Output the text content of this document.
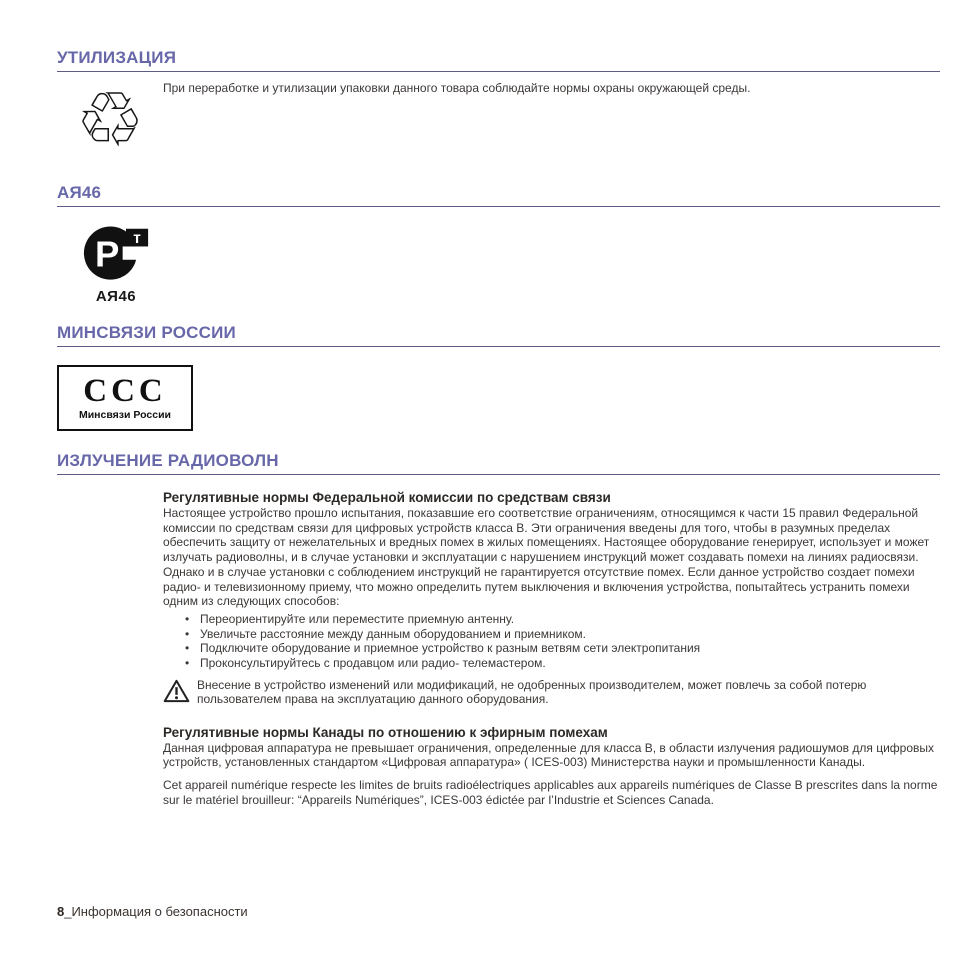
УТИЛИЗАЦИЯ
♲ При переработке и утилизации упаковки данного товара соблюдайте нормы охраны окружающей среды.

АЯ46
Р т
АЯ46
МИНСВЯЗИ РОССИИ
CCC
Минсвязи России
ИЗЛУЧЕНИЕ РАДИОВОЛН
Регулятивные нормы Федеральной комиссии по средствам связи

Настоящее устройство прошло испытания, показавшие его соответствие ограничениям, относящимся к части 15 правил Федеральной комиссии по средствам связи для цифровых устройств класса B. Эти ограничения введены для того, чтобы в разумных пределах обеспечить защиту от нежелательных и вредных помех в жилых помещениях. Настоящее оборудование генерирует, использует и может излучать радиоволны, и в случае установки и эксплуатации с нарушением инструкций может создавать помехи на линиях радиосвязи. Однако и в случае установки с соблюдением инструкций не гарантируется отсутствие помех. Если данное устройство создает помехи радио- и телевизионному приему, что можно определить путем выключения и включения устройства, попытайтесь устранить помехи одним из следующих способов:

• Переориентируйте или переместите приемную антенну.
• Увеличьте расстояние между данным оборудованием и приемником.
• Подключите оборудование и приемное устройство к разным ветвям сети электропитания
• Проконсультируйтесь с продавцом или радио- телемастером.

Внесение в устройство изменений или модификаций, не одобренных производителем, может повлечь за собой потерю пользователем права на эксплуатацию данного оборудования.

Регулятивные нормы Канады по отношению к эфирным помехам

Данная цифровая аппаратура не превышает ограничения, определенные для класса B, в области излучения радиошумов для цифровых устройств, установленных стандартом «Цифровая аппаратура» ( ICES-003) Министерства науки и промышленности Канады.

Cet appareil numérique respecte les limites de bruits radioélectriques applicables aux appareils numériques de Classe B prescrites dans la norme sur le matériel brouilleur: “Appareils Numériques”, ICES-003 édictée par l’Industrie et Sciences Canada.

8_Информация о безопасности
